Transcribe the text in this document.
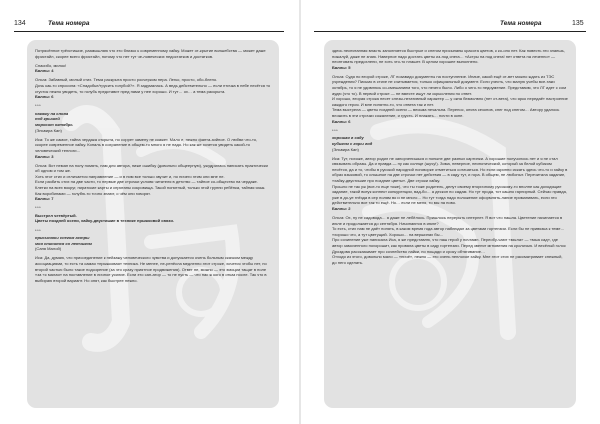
134	Тема номера

Потрясённое трёхстишие, размышляю что это близко к современному хайку. Может от-крытие волшебства — может даже фристайл, скорее всего фристайл, потому что нет тут че-ловеческих недостатков и достатков.

Спасибо, милок!

Баллы: 4

Ольга: Забавный, милый стих. Тема раскрыта просто росчерком пера. Легко, просто, обо-блено.

Дочь как-то спросила: «Снадобье/трусить голубой?». Я задумалась. А ведь действительно — если птичка в небе несётся то сгусток нежно увидеть, то голубь представит пред нами у нее хорошо. И тут… ох… а тема раскрыта.

Баллы: 6

***
накажу на слова
под крышей
моросит октябрь

(Эльвира Кан)

Иса: То же самое, тайна чердака открыта, но соррет замену не скажет. Мало е, нежно фанта-зийное. О любви что-то, скорее современное хайку. Копаль в сохранение в общем-то много я не надо. Но как же хочется увидеть какой-то человеческий теплоги…

Баллы: 3

Ольга: Вот неман на полу помять, нам для автора, ниже ошибку (довольно общеерную), ужудрилась написать практически об одном и том же.

Хоть этот стих и отличается направление — и в ним все только звучит и, но ничего этим они мне не.

Если разбить стих на две части, то первые две строчки условя читателя в детство — тайное со-общество на чердаке. Клетки на всех вокруг, пиратские карты и спрятаны сокровища. Такой понятный, только этой группи ребёнка, тайная язык. Как воробинами — голубю-то точно знают, о чём они говорят.

Баллы: 7

***
Выстрел четвёртый.

Цветы поздней осени, хайку-двустишие в технике прыжковой связи.

***
присыпаны снегом астры
моя спинится со летчиком

(Саня Малой)

Иса: Да, думаю, что присоединение к пейзажу человеческого чувства и допускается очень больным скачком между ассоциациями, то есть та самая «прыжковая» техника. Не менее, пе-ренёсла медленно этот строке, хочется чтобы нет, но второй частью было такое подозрение (за что сразу приятное продвижения). Ответ не, можно — это эмоции тащат в поле «за «с малая» на поставление в личное усилие. Если это сан-атор — то не пусть — что нас ж кого в отказ после. Так что в выбираю второй вариант. Но опят, как быстрее нежно.

Тема номера	135

здесь неспятанная власть заполняется быстрые и снегом присыпаны красота цветов, к ко-оно нет. Как повесть это знаешь, пожалуй, даже не знаю. Наверное надо достать цветы из-под снега… «Астры на под снега! нет ответа на леченно» — неоптовать предохлени, не хоть что-то плашет. В целом хорошее выполнено.

Баллы: 5

Ольга: Судя по второй строке, ЛГ позавидо документы на поступление. Иначе, какой ещё от-вет можно ждать из ТЭС учреждения? Письмо в стихе не считывается, только официальный документ. Если учесть, что малую учебы все-таки октябрь, то я не удивлюсь со-смешанием того, что нечего было. Либо о чего-то недоумение. Представим, что ЛГ идет с сом аудю (что то). В первой строке — не вместе ищут ли скрысления по ответ.

И хорошо, вторая строка несет слезы-негативный характер — у окна безмолвно (нет от-вета), что ярко передаёт настроение каждого героя. И мне понятно-то, что ответа так и нет.

Тема выстрела — цветы поздней осени — весьма печальна. Перенос, опята сезонов, снег под снегом… Автору удалось вложить в эти строчки сожаление, и грусть. И плакать… почти в окне.

Баллы: 6

***
хорошая в саду
кубиком с горы вод

(Эльвира Кан)

Иса: Тут, похоже, автор родил не запорченишься и поныне две разных картинки. А хорошие получилось нет и я не стал связывать образы. Да и правда — ну как солнце (шучу!). Зима, неверное, пеипотический, который за белой кубиком несётся, да и то, чтобы в русской народной поговорке отметиться сотачаться. Но если скрипно искать здесь что-то и хайку в образ языковой, то слышное на две строчки нет действия — в саду тут, и гора. В общем, не любопыт. Перечитала задание, «хайку-двустишие про поздние цветы». Две строки хайку.

Прошло не так уж (все-то еще тоже), что ты тоже родитель, делут своему вторичному русскому-то вполне как доходящие задание, такой всеук коннект конкуренции, вад-бо… а дескоп по садам. Но тут прода, тот кашно гарнирный. Сейчас правда, уже в до-уе гнёзда в сер полям во и не много… Но тут тогда надо положение оформлять-лание приманивать, если это действительно все так то ещё. Но… если не меня, то мы на ново.

Баллы: 2

Ольга: Ох, ну не садовода… я даже не лебёлось. Пришлось перерыть интернет. Я вот что нашла. Цветение начинается в июле и продолжается до сентября. Начинаются в июле?

То есть, стих нам не даёт понять, в каком время года автор наблюдал за цветами гортензии. Если бы не привязка к теме… «хорошо что, а тут цветущий. Хорошо… на вершинах бы…

Про сочинение уже написала Иса, я же представлю, что наш герой у почтамп. Переобу-чают «мыла» — «мыа сад», где автор замоченного похорошит, как провяла цветы в саду гортензии. Перед звенят мгновения на кроличью. И весёлый голос Дроздова рассказывает про сочнейство лайки, по пощади и сроку обтягивание…

Отходя из этого, довольно мало — «ничё», нежно — это очень неплохое хайку. Мне этот стих не рассматривает снежный, до него сделать.
